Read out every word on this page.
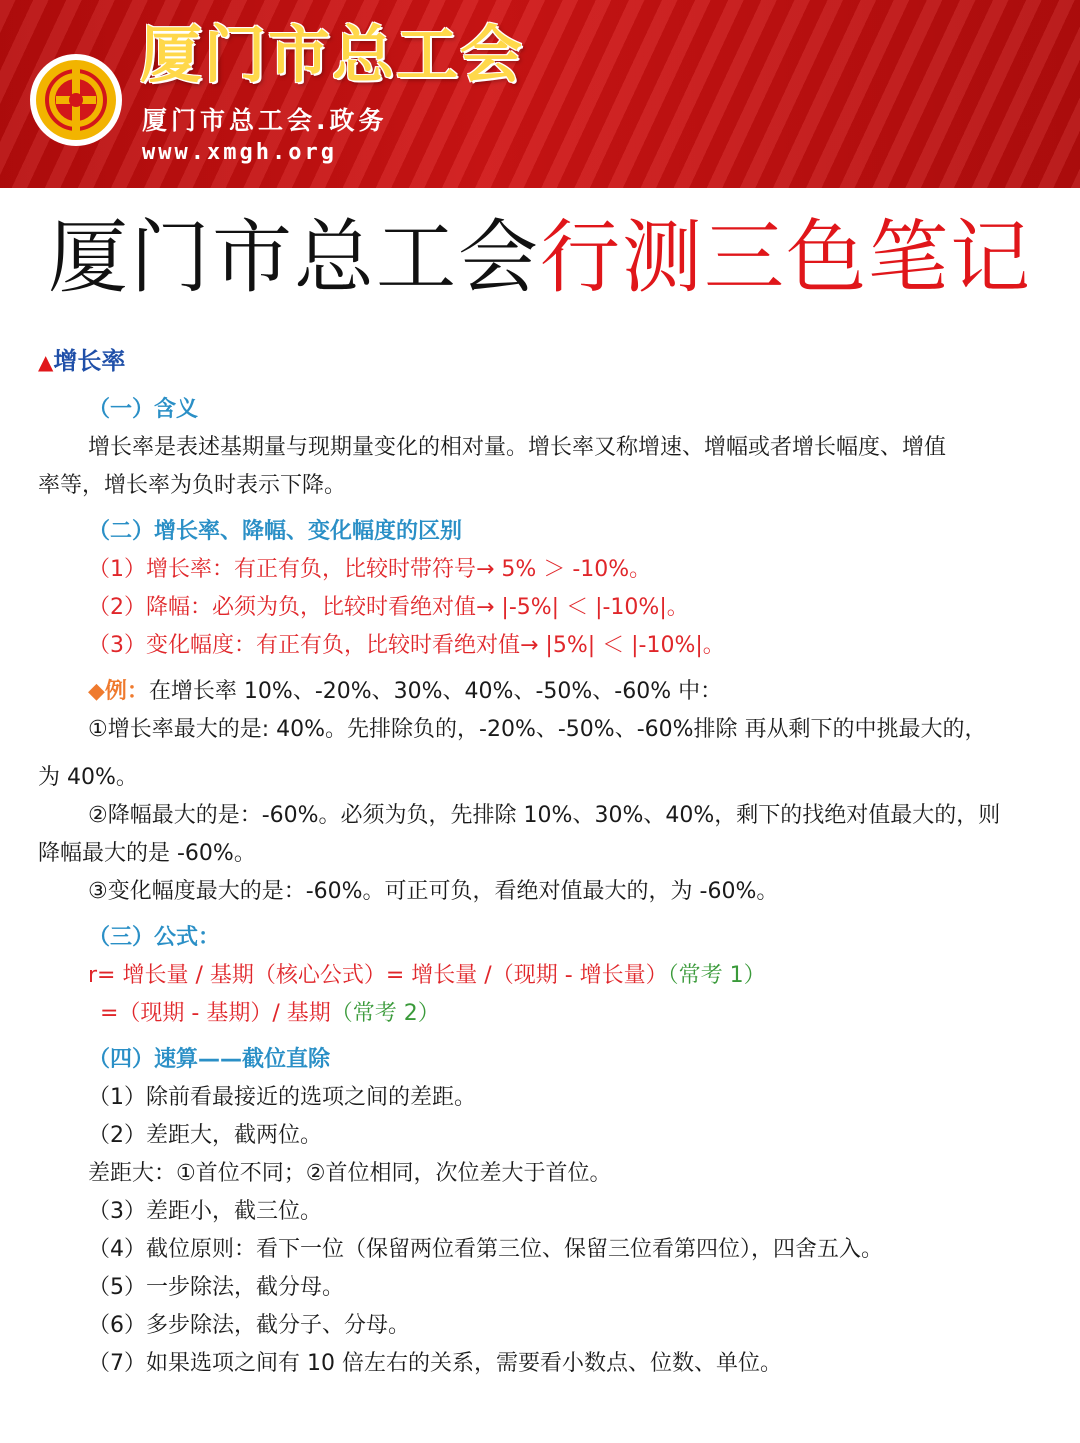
厦门市总工会
厦门市总工会.政务
www.xmgh.org
厦门市总工会行测三色笔记
▲增长率
（一）含义
增长率是表述基期量与现期量变化的相对量。增长率又称增速、增幅或者增长幅度、增值
率等，增长率为负时表示下降。
（二）增长率、降幅、变化幅度的区别
（1）增长率：有正有负，比较时带符号→ 5% ＞ -10%。
（2）降幅：必须为负，比较时看绝对值→ |-5%| ＜ |-10%|。
（3）变化幅度：有正有负，比较时看绝对值→ |5%| ＜ |-10%|。
◆例：在增长率 10%、-20%、30%、40%、-50%、-60% 中：
①增长率最大的是: 40%。先排除负的，-20%、-50%、-60%排除 再从剩下的中挑最大的，
为 40%。
②降幅最大的是：-60%。必须为负，先排除 10%、30%、40%，剩下的找绝对值最大的，则
降幅最大的是 -60%。
③变化幅度最大的是：-60%。可正可负，看绝对值最大的，为 -60%。
（三）公式：
r= 增长量 / 基期（核心公式）= 增长量 /（现期 - 增长量）（常考 1）
=（现期 - 基期）/ 基期（常考 2）
（四）速算——截位直除
（1）除前看最接近的选项之间的差距。
（2）差距大，截两位。
差距大：①首位不同；②首位相同，次位差大于首位。
（3）差距小，截三位。
（4）截位原则：看下一位（保留两位看第三位、保留三位看第四位），四舍五入。
（5）一步除法，截分母。
（6）多步除法，截分子、分母。
（7）如果选项之间有 10 倍左右的关系，需要看小数点、位数、单位。
